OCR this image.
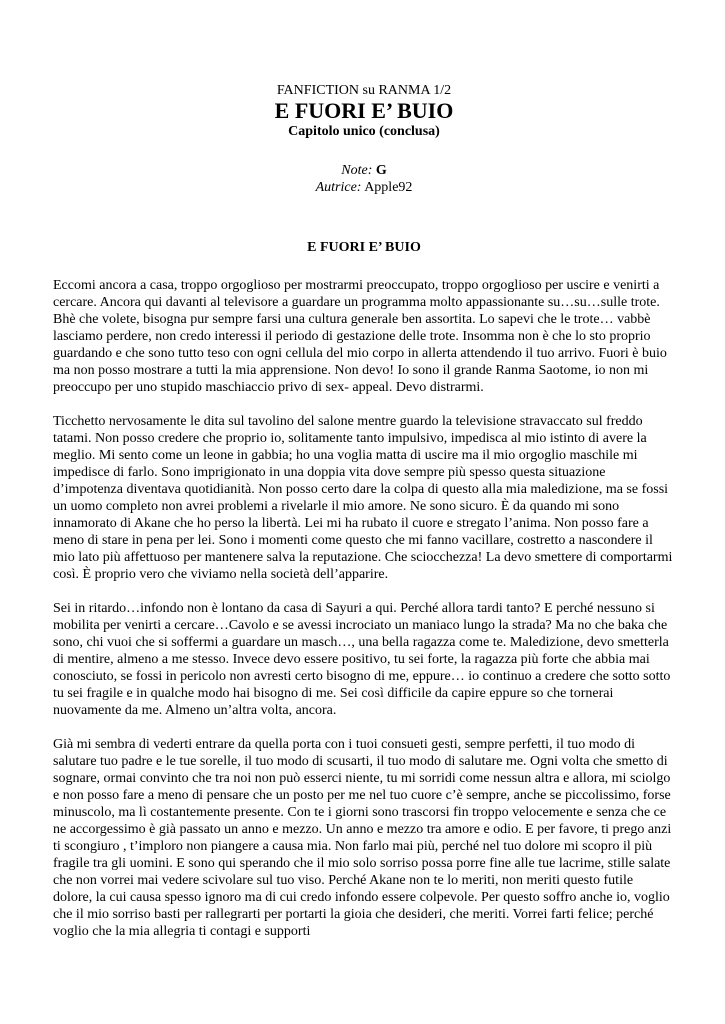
FANFICTION su RANMA 1/2
E FUORI E’ BUIO
Capitolo unico (conclusa)
Note: G
Autrice: Apple92
E FUORI E’ BUIO

Eccomi ancora a casa, troppo orgoglioso per mostrarmi preoccupato, troppo orgoglioso per uscire e venirti a cercare. Ancora qui davanti al televisore a guardare un programma molto appassionante su…su…sulle trote. Bhè che volete, bisogna pur sempre farsi una cultura generale ben assortita. Lo sapevi che le trote… vabbè lasciamo perdere, non credo interessi il periodo di gestazione delle trote. Insomma non è che lo sto proprio guardando e che sono tutto teso con ogni cellula del mio corpo in allerta attendendo il tuo arrivo. Fuori è buio ma non posso mostrare a tutti la mia apprensione. Non devo! Io sono il grande Ranma Saotome, io non mi preoccupo per uno stupido maschiaccio privo di sex- appeal. Devo distrarmi.

Ticchetto nervosamente le dita sul tavolino del salone mentre guardo la televisione stravaccato sul freddo tatami. Non posso credere che proprio io, solitamente tanto impulsivo, impedisca al mio istinto di avere la meglio. Mi sento come un leone in gabbia; ho una voglia matta di uscire ma il mio orgoglio maschile mi impedisce di farlo. Sono imprigionato in una doppia vita dove sempre più spesso questa situazione d’impotenza diventava quotidianità. Non posso certo dare la colpa di questo alla mia maledizione, ma se fossi un uomo completo non avrei problemi a rivelarle il mio amore. Ne sono sicuro. È da quando mi sono innamorato di Akane che ho perso la libertà. Lei mi ha rubato il cuore e stregato l’anima. Non posso fare a meno di stare in pena per lei. Sono i momenti come questo che mi fanno vacillare, costretto a nascondere il mio lato più affettuoso per mantenere salva la reputazione. Che sciocchezza! La devo smettere di comportarmi così. È proprio vero che viviamo nella società dell’apparire.

Sei in ritardo…infondo non è lontano da casa di Sayuri a qui. Perché allora tardi tanto? E perché nessuno si mobilita per venirti a cercare…Cavolo e se avessi incrociato un maniaco lungo la strada? Ma no che baka che sono, chi vuoi che si soffermi a guardare un masch…, una bella ragazza come te. Maledizione, devo smetterla di mentire, almeno a me stesso. Invece devo essere positivo, tu sei forte, la ragazza più forte che abbia mai conosciuto, se fossi in pericolo non avresti certo bisogno di me, eppure… io continuo a credere che sotto sotto tu sei fragile e in qualche modo hai bisogno di me. Sei così difficile da capire eppure so che tornerai nuovamente da me. Almeno un’altra volta, ancora.

Già mi sembra di vederti entrare da quella porta con i tuoi consueti gesti, sempre perfetti, il tuo modo di salutare tuo padre e le tue sorelle, il tuo modo di scusarti, il tuo modo di salutare me. Ogni volta che smetto di sognare, ormai convinto che tra noi non può esserci niente, tu mi sorridi come nessun altra e allora, mi sciolgo e non posso fare a meno di pensare che un posto per me nel tuo cuore c’è sempre, anche se piccolissimo, forse minuscolo, ma lì costantemente presente. Con te i giorni sono trascorsi fin troppo velocemente e senza che ce ne accorgessimo è già passato un anno e mezzo. Un anno e mezzo tra amore e odio. E per favore, ti prego anzi ti scongiuro , t’imploro non piangere a causa mia. Non farlo mai più, perché nel tuo dolore mi scopro il più fragile tra gli uomini. E sono qui sperando che il mio solo sorriso possa porre fine alle tue lacrime, stille salate che non vorrei mai vedere scivolare sul tuo viso. Perché Akane non te lo meriti, non meriti questo futile dolore, la cui causa spesso ignoro ma di cui credo infondo essere colpevole. Per questo soffro anche io, voglio che il mio sorriso basti per rallegrarti per portarti la gioia che desideri, che meriti. Vorrei farti felice; perché voglio che la mia allegria ti contagi e supporti
